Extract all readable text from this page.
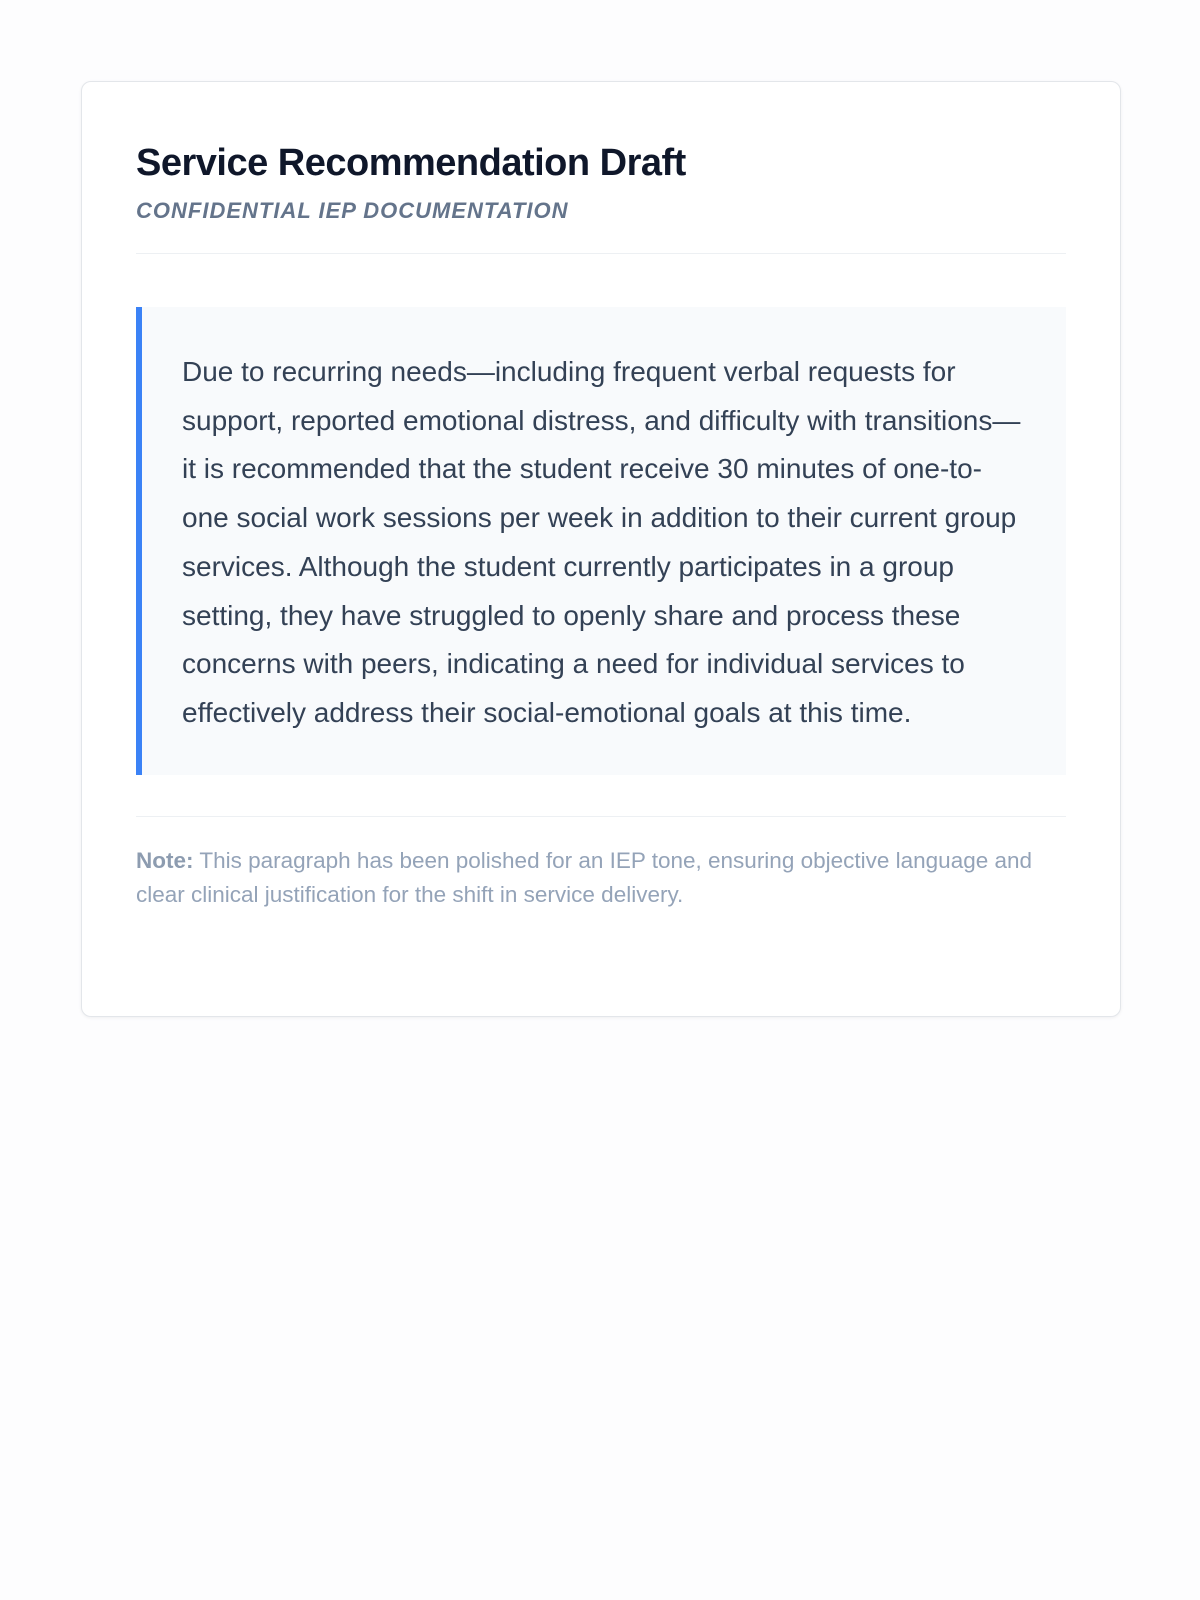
Service Recommendation Draft
CONFIDENTIAL IEP DOCUMENTATION
Due to recurring needs—including frequent verbal requests for support, reported emotional distress, and difficulty with transitions—it is recommended that the student receive 30 minutes of one-to-one social work sessions per week in addition to their current group services. Although the student currently participates in a group setting, they have struggled to openly share and process these concerns with peers, indicating a need for individual services to effectively address their social-emotional goals at this time.
Note: This paragraph has been polished for an IEP tone, ensuring objective language and clear clinical justification for the shift in service delivery.
